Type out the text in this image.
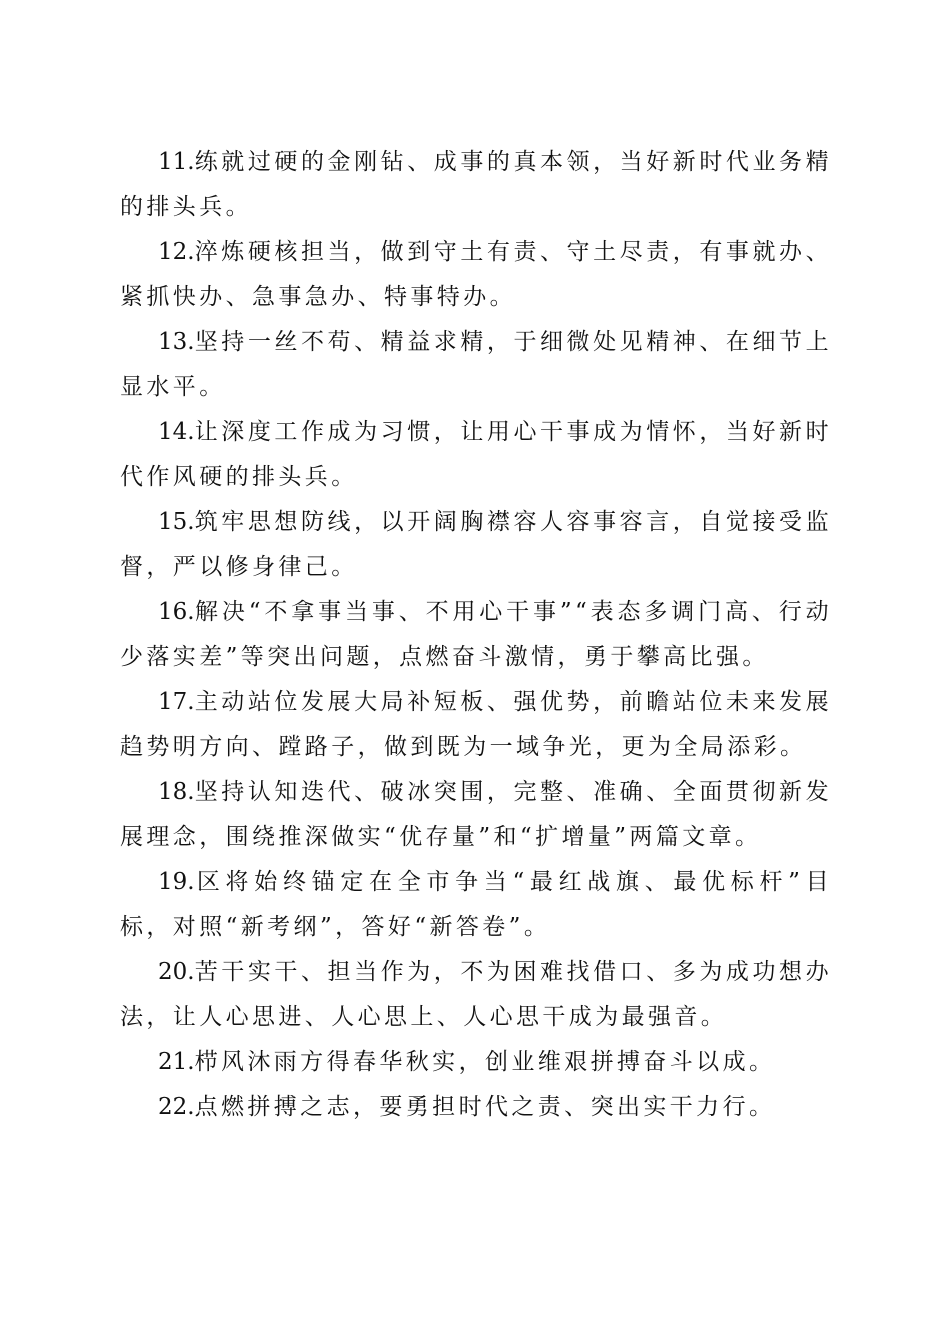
11.练就过硬的金刚钻、成事的真本领，当好新时代业务精的排头兵。

12.淬炼硬核担当，做到守土有责、守土尽责，有事就办、紧抓快办、急事急办、特事特办。

13.坚持一丝不苟、精益求精，于细微处见精神、在细节上显水平。

14.让深度工作成为习惯，让用心干事成为情怀，当好新时代作风硬的排头兵。

15.筑牢思想防线，以开阔胸襟容人容事容言，自觉接受监督，严以修身律己。

16.解决“不拿事当事、不用心干事”“表态多调门高、行动少落实差”等突出问题，点燃奋斗激情，勇于攀高比强。

17.主动站位发展大局补短板、强优势，前瞻站位未来发展趋势明方向、蹚路子，做到既为一域争光，更为全局添彩。

18.坚持认知迭代、破冰突围，完整、准确、全面贯彻新发展理念，围绕推深做实“优存量”和“扩增量”两篇文章。

19.区将始终锚定在全市争当“最红战旗、最优标杆”目标，对照“新考纲”，答好“新答卷”。

20.苦干实干、担当作为，不为困难找借口、多为成功想办法，让人心思进、人心思上、人心思干成为最强音。

21.栉风沐雨方得春华秋实，创业维艰拼搏奋斗以成。

22.点燃拼搏之志，要勇担时代之责、突出实干力行。
